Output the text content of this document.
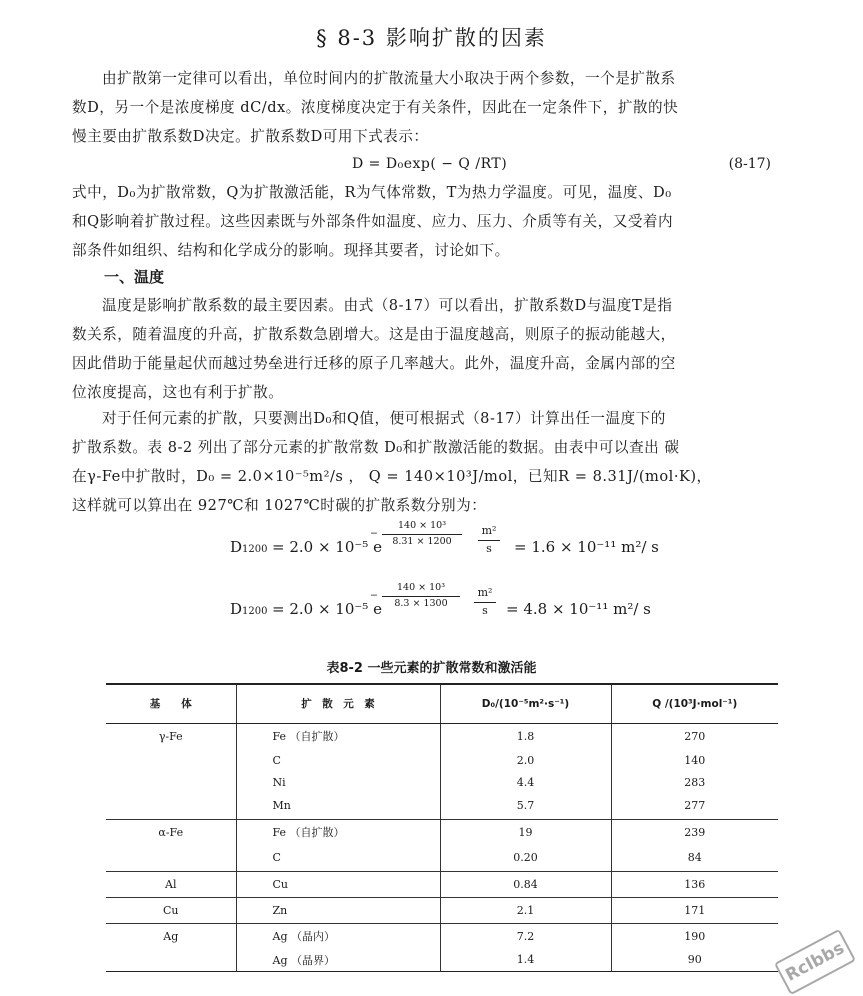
§ 8-3 影响扩散的因素
由扩散第一定律可以看出，单位时间内的扩散流量大小取决于两个参数，一个是扩散系
数D，另一个是浓度梯度 dC/dx。浓度梯度决定于有关条件，因此在一定条件下，扩散的快
慢主要由扩散系数D决定。扩散系数D可用下式表示：
D = D₀exp( − Q /RT)	(8-17)
式中，D₀为扩散常数，Q为扩散激活能，R为气体常数，T为热力学温度。可见，温度、D₀
和Q影响着扩散过程。这些因素既与外部条件如温度、应力、压力、介质等有关，又受着内
部条件如组织、结构和化学成分的影响。现择其要者，讨论如下。
一、温度
温度是影响扩散系数的最主要因素。由式（8-17）可以看出，扩散系数D与温度T是指
数关系，随着温度的升高，扩散系数急剧增大。这是由于温度越高，则原子的振动能越大，
因此借助于能量起伏而越过势垒进行迁移的原子几率越大。此外，温度升高，金属内部的空
位浓度提高，这也有利于扩散。
对于任何元素的扩散，只要测出D₀和Q值，便可根据式（8-17）计算出任一温度下的
扩散系数。表 8-2 列出了部分元素的扩散常数 D₀和扩散激活能的数据。由表中可以查出 碳
在γ-Fe中扩散时，D₀ = 2.0×10⁻⁵m²/s ， Q = 140×10³J/mol，已知R = 8.31J/(mol·K)，
这样就可以算出在 927℃和 1027℃时碳的扩散系数分别为：
D1200 = 2.0 × 10⁻⁵ e
−
140 × 10³
8.31 × 1200
m²
s	= 1.6 × 10⁻¹¹ m²/ s
D1200 = 2.0 × 10⁻⁵ e
−
140 × 10³
8.3 × 1300
m²
s	= 4.8 × 10⁻¹¹ m²/ s
表8-2 一些元素的扩散常数和激活能
基　　体	扩　散　元　素	D₀/(10⁻⁵m²·s⁻¹)	Q /(10³J·mol⁻¹)
γ-Fe	Fe （自扩散）	1.8	270
	C	2.0	140
	Ni	4.4	283
	Mn	5.7	277
α-Fe	Fe （自扩散）	19	239
	C	0.20	84
Al	Cu	0.84	136
Cu	Zn	2.1	171
Ag	Ag （晶内）	7.2	190
	Ag （晶界）	1.4	90	Rclbbs
